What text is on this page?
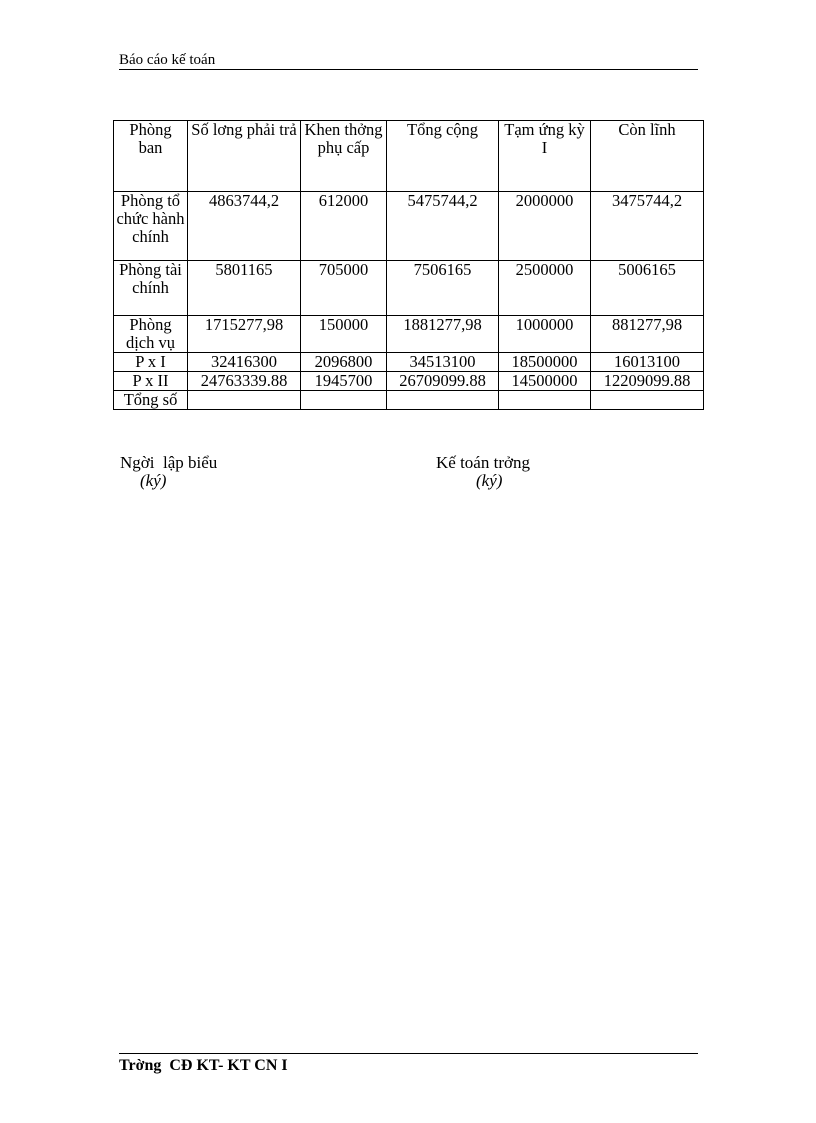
Báo cáo kế toán
Phòng ban	Số lơng phải trả	Khen thởng phụ cấp	Tổng cộng	Tạm ứng kỳ I	Còn lĩnh
Phòng tổ chức hành chính	4863744,2	612000	5475744,2	2000000	3475744,2
Phòng tài chính	5801165	705000	7506165	2500000	5006165
Phòng dịch vụ	1715277,98	150000	1881277,98	1000000	881277,98
P x I	32416300	2096800	34513100	18500000	16013100
P x II	24763339.88	1945700	26709099.88	14500000	12209099.88
Tổng số					
Ngời  lập biểu
(ký)
Kế toán trởng
(ký)
Trờng  CĐ KT- KT CN I
